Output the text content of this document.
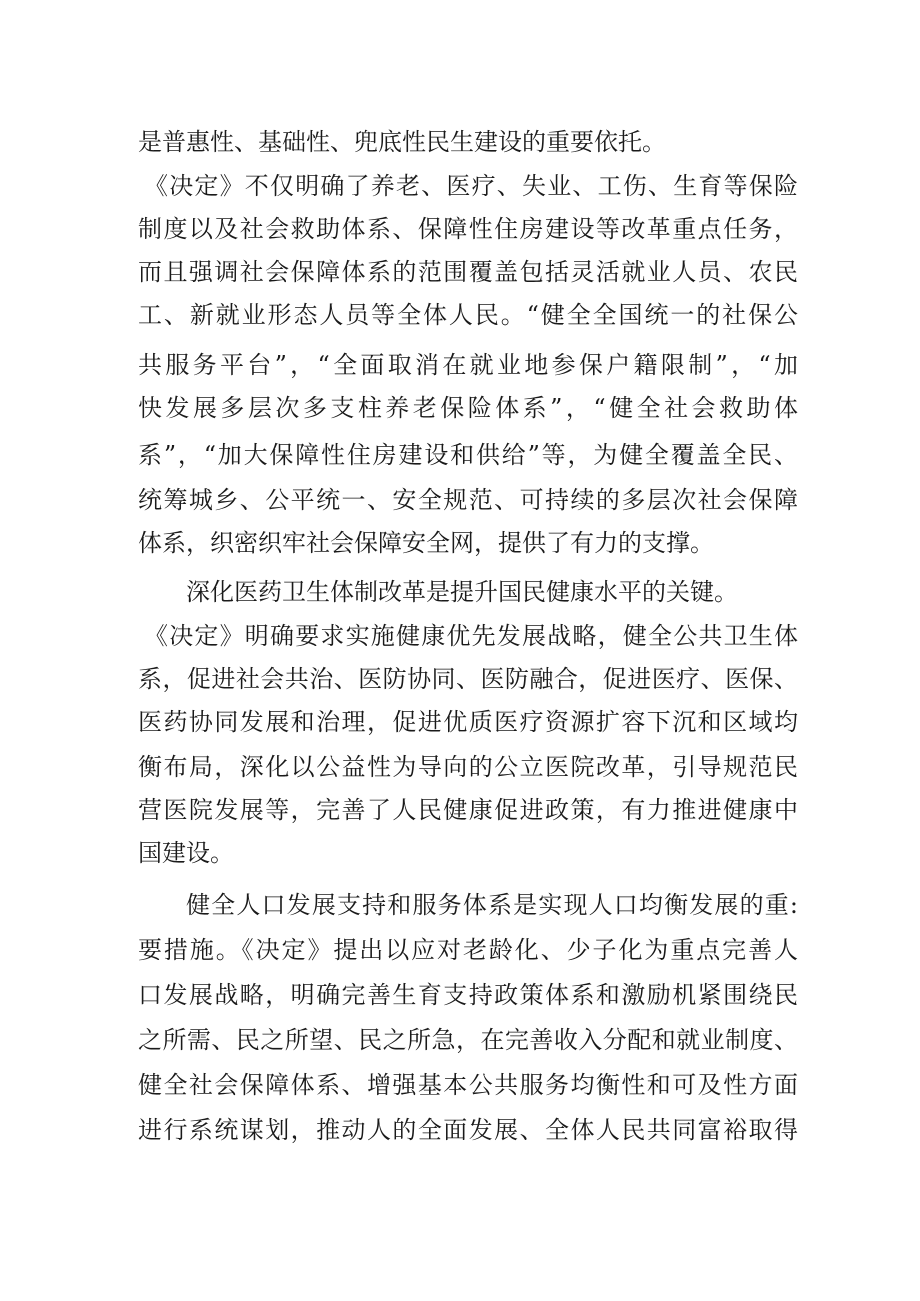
是普惠性、基础性、兜底性民生建设的重要依托。
《决定》不仅明确了养老、医疗、失业、工伤、生育等保险
制度以及社会救助体系、保障性住房建设等改革重点任务，
而且强调社会保障体系的范围覆盖包括灵活就业人员、农民
工、新就业形态人员等全体人民。“健全全国统一的社保公
共服务平台”，“全面取消在就业地参保户籍限制”，“加
快发展多层次多支柱养老保险体系”，“健全社会救助体
系”，“加大保障性住房建设和供给”等，为健全覆盖全民、
统筹城乡、公平统一、安全规范、可持续的多层次社会保障
体系，织密织牢社会保障安全网，提供了有力的支撑。
深化医药卫生体制改革是提升国民健康水平的关键。
《决定》明确要求实施健康优先发展战略，健全公共卫生体
系，促进社会共治、医防协同、医防融合，促进医疗、医保、
医药协同发展和治理，促进优质医疗资源扩容下沉和区域均
衡布局，深化以公益性为导向的公立医院改革，引导规范民
营医院发展等，完善了人民健康促进政策，有力推进健康中
国建设。
健全人口发展支持和服务体系是实现人口均衡发展的重:
要措施。《决定》提出以应对老龄化、少子化为重点完善人
口发展战略，明确完善生育支持政策体系和激励机紧围绕民
之所需、民之所望、民之所急，在完善收入分配和就业制度、
健全社会保障体系、增强基本公共服务均衡性和可及性方面
进行系统谋划，推动人的全面发展、全体人民共同富裕取得
